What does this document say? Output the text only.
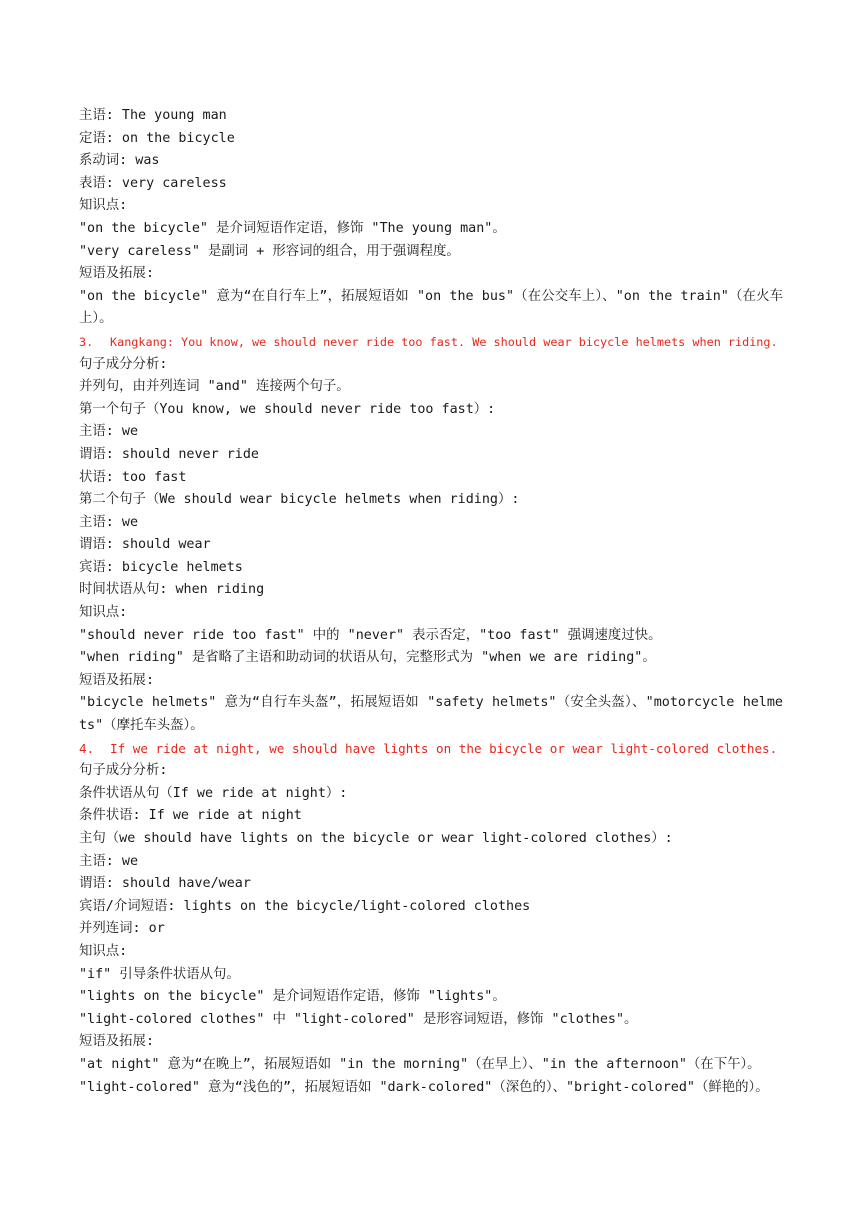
主语: The young man

定语: on the bicycle

系动词: was

表语: very careless

知识点:

"on the bicycle" 是介词短语作定语，修饰 "The young man"。

"very careless" 是副词 + 形容词的组合，用于强调程度。

短语及拓展:

"on the bicycle" 意为“在自行车上”，拓展短语如 "on the bus"（在公交车上）、"on the train"（在火车上）。

3. Kangkang: You know, we should never ride too fast. We should wear bicycle helmets when riding.

句子成分分析:

并列句，由并列连词 "and" 连接两个句子。

第一个句子（You know, we should never ride too fast）:

主语: we

谓语: should never ride

状语: too fast

第二个句子（We should wear bicycle helmets when riding）:

主语: we

谓语: should wear

宾语: bicycle helmets

时间状语从句: when riding

知识点:

"should never ride too fast" 中的 "never" 表示否定，"too fast" 强调速度过快。

"when riding" 是省略了主语和助动词的状语从句，完整形式为 "when we are riding"。

短语及拓展:

"bicycle helmets" 意为“自行车头盔”，拓展短语如 "safety helmets"（安全头盔）、"motorcycle helmets"（摩托车头盔）。

4. If we ride at night, we should have lights on the bicycle or wear light-colored clothes.

句子成分分析:

条件状语从句（If we ride at night）:

条件状语: If we ride at night

主句（we should have lights on the bicycle or wear light-colored clothes）:

主语: we

谓语: should have/wear

宾语/介词短语: lights on the bicycle/light-colored clothes

并列连词: or

知识点:

"if" 引导条件状语从句。

"lights on the bicycle" 是介词短语作定语，修饰 "lights"。

"light-colored clothes" 中 "light-colored" 是形容词短语，修饰 "clothes"。

短语及拓展:

"at night" 意为“在晚上”，拓展短语如 "in the morning"（在早上）、"in the afternoon"（在下午）。

"light-colored" 意为“浅色的”，拓展短语如 "dark-colored"（深色的）、"bright-colored"（鲜艳的）。
